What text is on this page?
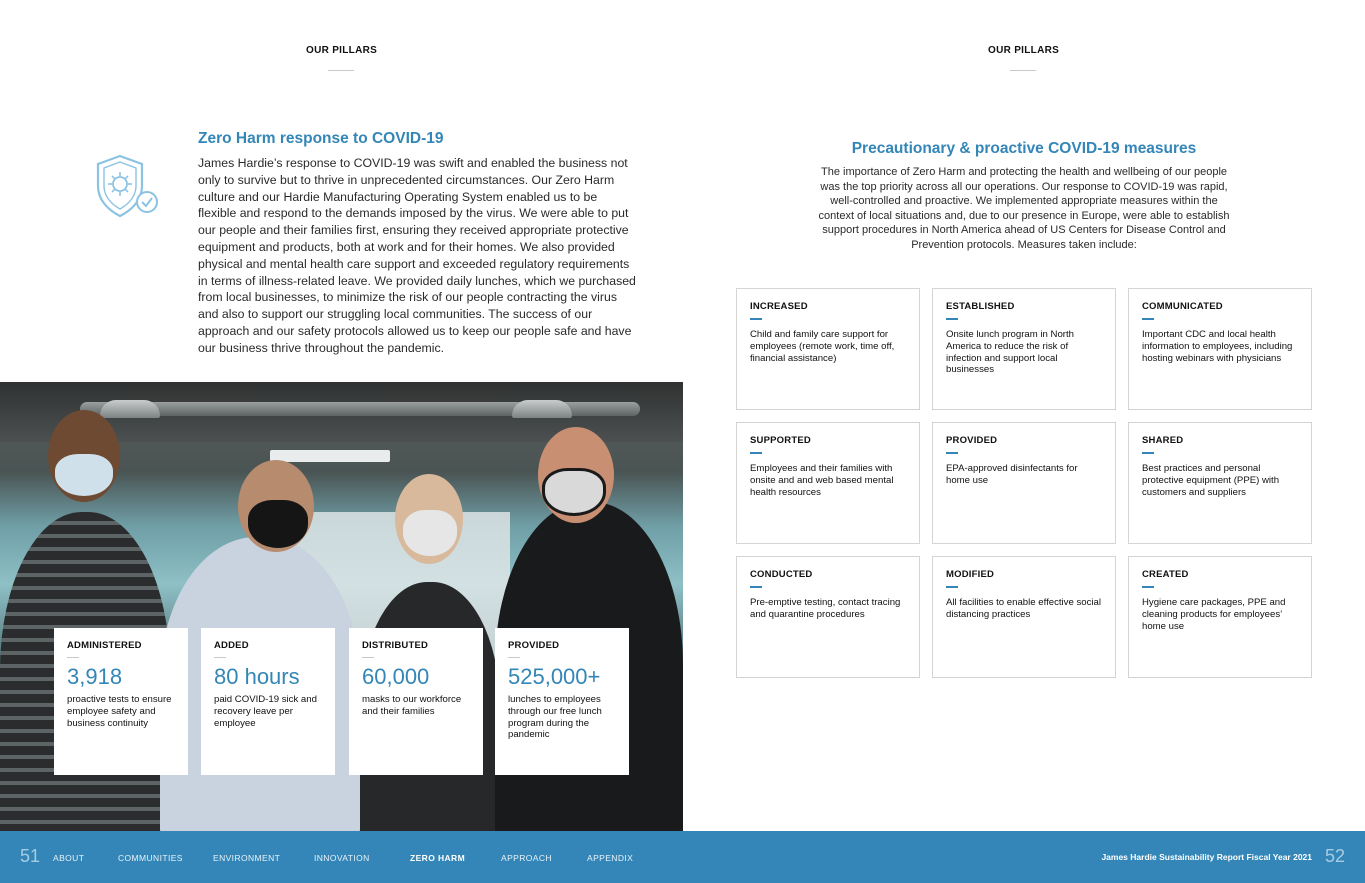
OUR PILLARS
Zero Harm response to COVID-19

James Hardie’s response to COVID-19 was swift and enabled the business not only to survive but to thrive in unprecedented circumstances. Our Zero Harm culture and our Hardie Manufacturing Operating System enabled us to be flexible and respond to the demands imposed by the virus. We were able to put our people and their families first, ensuring they received appropriate protective equipment and products, both at work and for their homes. We also provided physical and mental health care support and exceeded regulatory requirements in terms of illness-related leave. We provided daily lunches, which we purchased from local businesses, to minimize the risk of our people contracting the virus and also to support our struggling local communities. The success of our approach and our safety protocols allowed us to keep our people safe and have our business thrive throughout the pandemic.

ADMINISTERED
3,918
proactive tests to ensure employee safety and business continuity
ADDED
80 hours
paid COVID-19 sick and recovery leave per employee
DISTRIBUTED
60,000
masks to our workforce and their families
PROVIDED
525,000+
lunches to employees through our free lunch program during the pandemic
OUR PILLARS
Precautionary & proactive COVID-19 measures

The importance of Zero Harm and protecting the health and wellbeing of our people was the top priority across all our operations. Our response to COVID-19 was rapid, well-controlled and proactive. We implemented appropriate measures within the context of local situations and, due to our presence in Europe, were able to establish support procedures in North America ahead of US Centers for Disease Control and Prevention protocols. Measures taken include:

INCREASED
Child and family care support for employees (remote work, time off, financial assistance)
ESTABLISHED
Onsite lunch program in North America to reduce the risk of infection and support local businesses
COMMUNICATED
Important CDC and local health information to employees, including hosting webinars with physicians
SUPPORTED
Employees and their families with onsite and and web based mental health resources
PROVIDED
EPA-approved disinfectants for home use
SHARED
Best practices and personal protective equipment (PPE) with customers and suppliers
CONDUCTED
Pre-emptive testing, contact tracing and quarantine procedures
MODIFIED
All facilities to enable effective social distancing practices
CREATED
Hygiene care packages, PPE and cleaning products for employees’ home use
51 ABOUT	COMMUNITIES	ENVIRONMENT	INNOVATION	ZERO HARM	APPROACH	APPENDIX	James Hardie Sustainability Report Fiscal Year 2021 52
